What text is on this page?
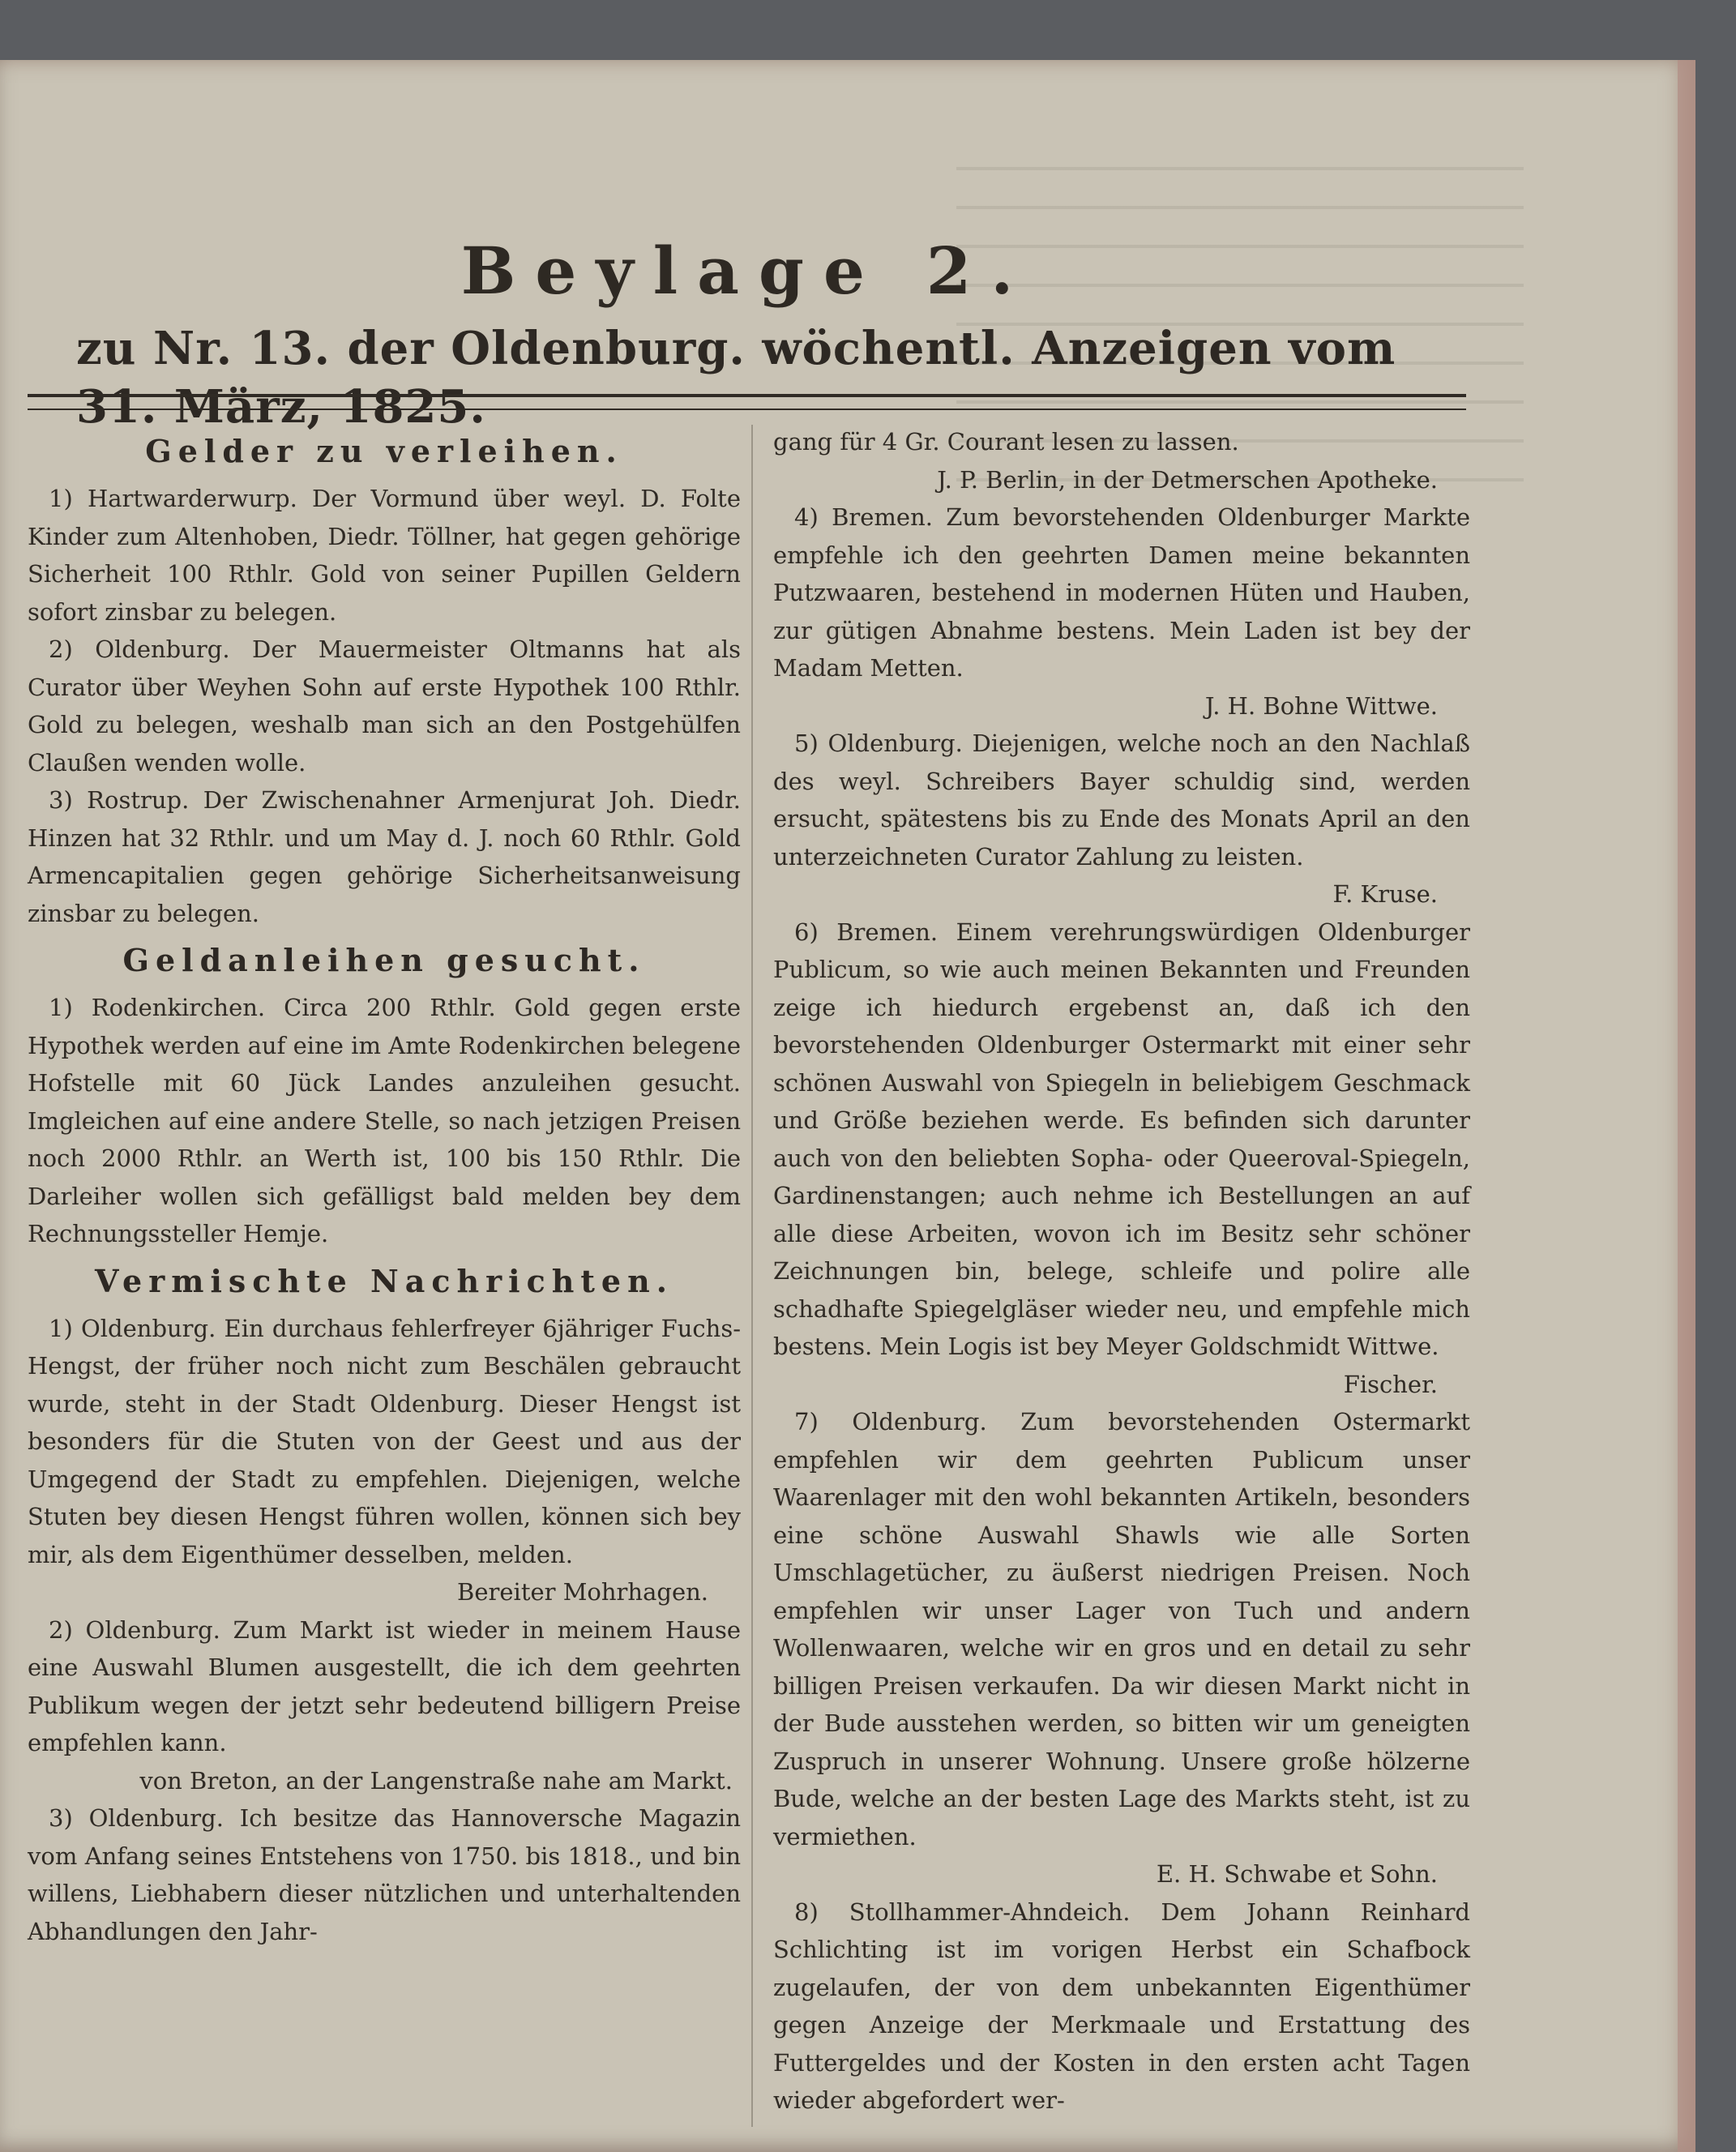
Beylage 2.
zu Nr. 13. der Oldenburg. wöchentl. Anzeigen vom 31. März, 1825.
Gelder zu verleihen.

1) Hartwarderwurp. Der Vormund über weyl. D. Folte Kinder zum Altenhoben, Diedr. Töllner, hat gegen gehörige Sicherheit 100 Rthlr. Gold von seiner Pupillen Geldern sofort zinsbar zu belegen.

2) Oldenburg. Der Mauermeister Oltmanns hat als Curator über Weyhen Sohn auf erste Hypothek 100 Rthlr. Gold zu belegen, weshalb man sich an den Postgehülfen Claußen wenden wolle.

3) Rostrup. Der Zwischenahner Armenjurat Joh. Diedr. Hinzen hat 32 Rthlr. und um May d. J. noch 60 Rthlr. Gold Armencapitalien gegen gehörige Sicherheitsanweisung zinsbar zu belegen.

Geldanleihen gesucht.

1) Rodenkirchen. Circa 200 Rthlr. Gold gegen erste Hypothek werden auf eine im Amte Rodenkirchen belegene Hofstelle mit 60 Jück Landes anzuleihen gesucht. Imgleichen auf eine andere Stelle, so nach jetzigen Preisen noch 2000 Rthlr. an Werth ist, 100 bis 150 Rthlr. Die Darleiher wollen sich gefälligst bald melden bey dem Rechnungssteller Hemje.

Vermischte Nachrichten.

1) Oldenburg. Ein durchaus fehlerfreyer 6jähriger Fuchs-Hengst, der früher noch nicht zum Beschälen gebraucht wurde, steht in der Stadt Oldenburg. Dieser Hengst ist besonders für die Stuten von der Geest und aus der Umgegend der Stadt zu empfehlen. Diejenigen, welche Stuten bey diesen Hengst führen wollen, können sich bey mir, als dem Eigenthümer desselben, melden.

Bereiter Mohrhagen.

2) Oldenburg. Zum Markt ist wieder in meinem Hause eine Auswahl Blumen ausgestellt, die ich dem geehrten Publikum wegen der jetzt sehr bedeutend billigern Preise empfehlen kann.

von Breton, an der Langenstraße nahe am Markt.

3) Oldenburg. Ich besitze das Hannoversche Magazin vom Anfang seines Entstehens von 1750. bis 1818., und bin willens, Liebhabern dieser nützlichen und unterhaltenden Abhandlungen den Jahr-

gang für 4 Gr. Courant lesen zu lassen.

J. P. Berlin, in der Detmerschen Apotheke.

4) Bremen. Zum bevorstehenden Oldenburger Markte empfehle ich den geehrten Damen meine bekannten Putzwaaren, bestehend in modernen Hüten und Hauben, zur gütigen Abnahme bestens. Mein Laden ist bey der Madam Metten.

J. H. Bohne Wittwe.

5) Oldenburg. Diejenigen, welche noch an den Nachlaß des weyl. Schreibers Bayer schuldig sind, werden ersucht, spätestens bis zu Ende des Monats April an den unterzeichneten Curator Zahlung zu leisten.

F. Kruse.

6) Bremen. Einem verehrungswürdigen Oldenburger Publicum, so wie auch meinen Bekannten und Freunden zeige ich hiedurch ergebenst an, daß ich den bevorstehenden Oldenburger Ostermarkt mit einer sehr schönen Auswahl von Spiegeln in beliebigem Geschmack und Größe beziehen werde. Es befinden sich darunter auch von den beliebten Sopha- oder Queeroval-Spiegeln, Gardinenstangen; auch nehme ich Bestellungen an auf alle diese Arbeiten, wovon ich im Besitz sehr schöner Zeichnungen bin, belege, schleife und polire alle schadhafte Spiegelgläser wieder neu, und empfehle mich bestens. Mein Logis ist bey Meyer Goldschmidt Wittwe.

Fischer.

7) Oldenburg. Zum bevorstehenden Ostermarkt empfehlen wir dem geehrten Publicum unser Waarenlager mit den wohl bekannten Artikeln, besonders eine schöne Auswahl Shawls wie alle Sorten Umschlagetücher, zu äußerst niedrigen Preisen. Noch empfehlen wir unser Lager von Tuch und andern Wollenwaaren, welche wir en gros und en detail zu sehr billigen Preisen verkaufen. Da wir diesen Markt nicht in der Bude ausstehen werden, so bitten wir um geneigten Zuspruch in unserer Wohnung. Unsere große hölzerne Bude, welche an der besten Lage des Markts steht, ist zu vermiethen.

E. H. Schwabe et Sohn.

8) Stollhammer-Ahndeich. Dem Johann Reinhard Schlichting ist im vorigen Herbst ein Schafbock zugelaufen, der von dem unbekannten Eigenthümer gegen Anzeige der Merkmaale und Erstattung des Futtergeldes und der Kosten in den ersten acht Tagen wieder abgefordert wer-
